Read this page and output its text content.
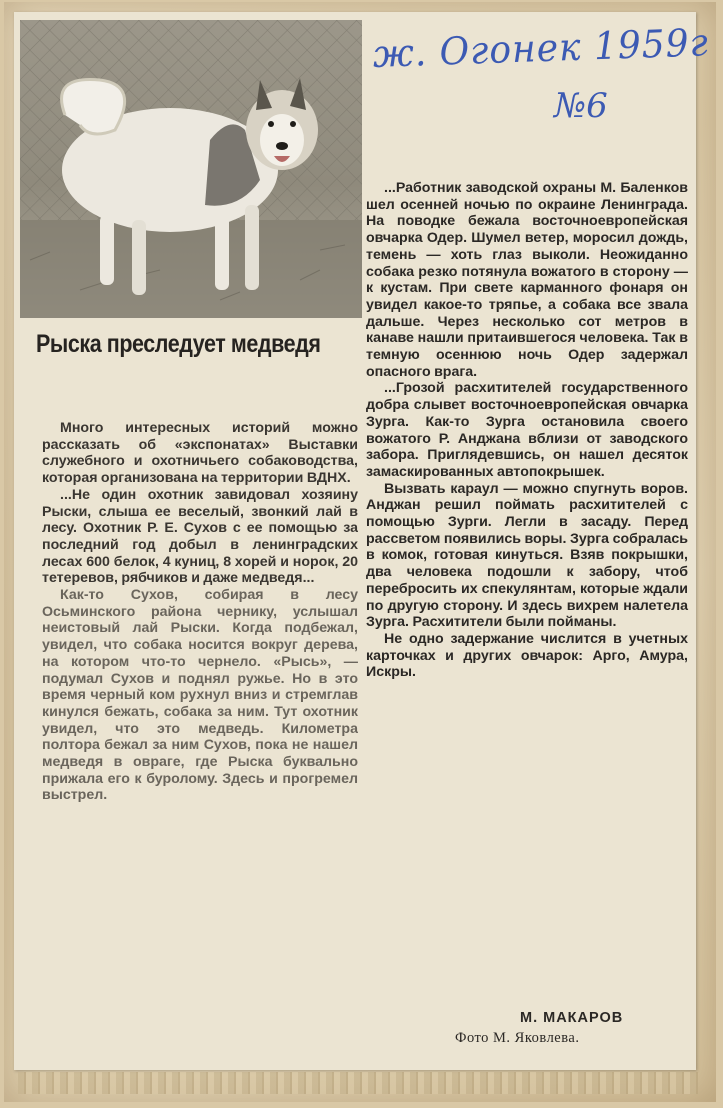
ж. Огонек 1959г
№6
Рыска преследует медведя

Много интересных историй можно рассказать об «экспонатах» Выставки служебного и охотничьего собаководства, которая организована на территории ВДНХ.

...Не один охотник завидовал хозяину Рыски, слыша ее веселый, звонкий лай в лесу. Охотник Р. Е. Сухов с ее помощью за последний год добыл в ленинградских лесах 600 белок, 4 куниц, 8 хорей и норок, 20 тетеревов, рябчиков и даже медведя...

Как-то Сухов, собирая в лесу Осьминского района чернику, услышал неистовый лай Рыски. Когда подбежал, увидел, что собака носится вокруг дерева, на котором что-то чернело. «Рысь», — подумал Сухов и поднял ружье. Но в это время черный ком рухнул вниз и стремглав кинулся бежать, собака за ним. Тут охотник увидел, что это медведь. Километра полтора бежал за ним Сухов, пока не нашел медведя в овраге, где Рыска буквально прижала его к буролому. Здесь и прогремел выстрел.

...Работник заводской охраны М. Баленков шел осенней ночью по окраине Ленинграда. На поводке бежала восточноевропейская овчарка Одер. Шумел ветер, моросил дождь, темень — хоть глаз выколи. Неожиданно собака резко потянула вожатого в сторону — к кустам. При свете карманного фонаря он увидел какое-то тряпье, а собака все звала дальше. Через несколько сот метров в канаве нашли притаившегося человека. Так в темную осеннюю ночь Одер задержал опасного врага.

...Грозой расхитителей государственного добра слывет восточноевропейская овчарка Зурга. Как-то Зурга остановила своего вожатого Р. Анджана вблизи от заводского забора. Приглядевшись, он нашел десяток замаскированных автопокрышек.

Вызвать караул — можно спугнуть воров. Анджан решил поймать расхитителей с помощью Зурги. Легли в засаду. Перед рассветом появились воры. Зурга собралась в комок, готовая кинуться. Взяв покрышки, два человека подошли к забору, чтоб перебросить их спекулянтам, которые ждали по другую сторону. И здесь вихрем налетела Зурга. Расхитители были пойманы.

Не одно задержание числится в учетных карточках и других овчарок: Арго, Амура, Искры.

М. МАКАРОВ
Фото М. Яковлева.
